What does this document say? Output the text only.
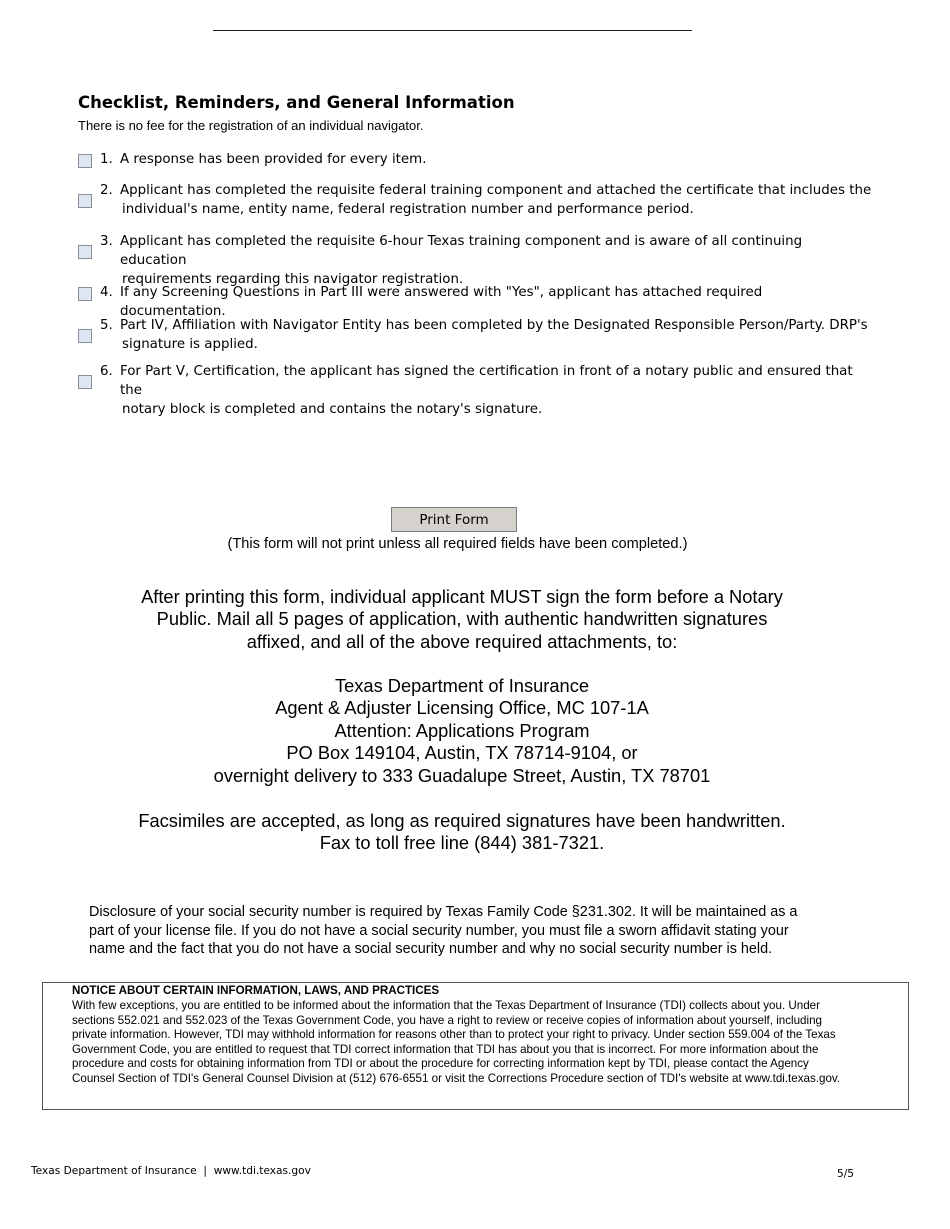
Checklist, Reminders, and General Information
There is no fee for the registration of an individual navigator.
1. A response has been provided for every item.
2. Applicant has completed the requisite federal training component and attached the certificate that includes the
individual's name, entity name, federal registration number and performance period.
3. Applicant has completed the requisite 6-hour Texas training component and is aware of all continuing education
requirements regarding this navigator registration.
4. If any Screening Questions in Part III were answered with "Yes", applicant has attached required documentation.
5. Part IV, Affiliation with Navigator Entity has been completed by the Designated Responsible Person/Party. DRP's
signature is applied.
6. For Part V, Certification, the applicant has signed the certification in front of a notary public and ensured that the
notary block is completed and contains the notary's signature.
Print Form
(This form will not print unless all required fields have been completed.)
After printing this form, individual applicant MUST sign the form before a Notary
Public. Mail all 5 pages of application, with authentic handwritten signatures
affixed, and all of the above required attachments, to:
Texas Department of Insurance
Agent & Adjuster Licensing Office, MC 107-1A
Attention: Applications Program
PO Box 149104, Austin, TX 78714-9104, or
overnight delivery to 333 Guadalupe Street, Austin, TX 78701
Facsimiles are accepted, as long as required signatures have been handwritten.
Fax to toll free line (844) 381-7321.
Disclosure of your social security number is required by Texas Family Code §231.302. It will be maintained as a
part of your license file. If you do not have a social security number, you must file a sworn affidavit stating your
name and the fact that you do not have a social security number and why no social security number is held.
NOTICE ABOUT CERTAIN INFORMATION, LAWS, AND PRACTICES
With few exceptions, you are entitled to be informed about the information that the Texas Department of Insurance (TDI) collects about you. Under
sections 552.021 and 552.023 of the Texas Government Code, you have a right to review or receive copies of information about yourself, including
private information. However, TDI may withhold information for reasons other than to protect your right to privacy. Under section 559.004 of the Texas
Government Code, you are entitled to request that TDI correct information that TDI has about you that is incorrect. For more information about the
procedure and costs for obtaining information from TDI or about the procedure for correcting information kept by TDI, please contact the Agency
Counsel Section of TDI's General Counsel Division at (512) 676-6551 or visit the Corrections Procedure section of TDI's website at www.tdi.texas.gov.
Texas Department of Insurance  |  www.tdi.texas.gov	5/5
